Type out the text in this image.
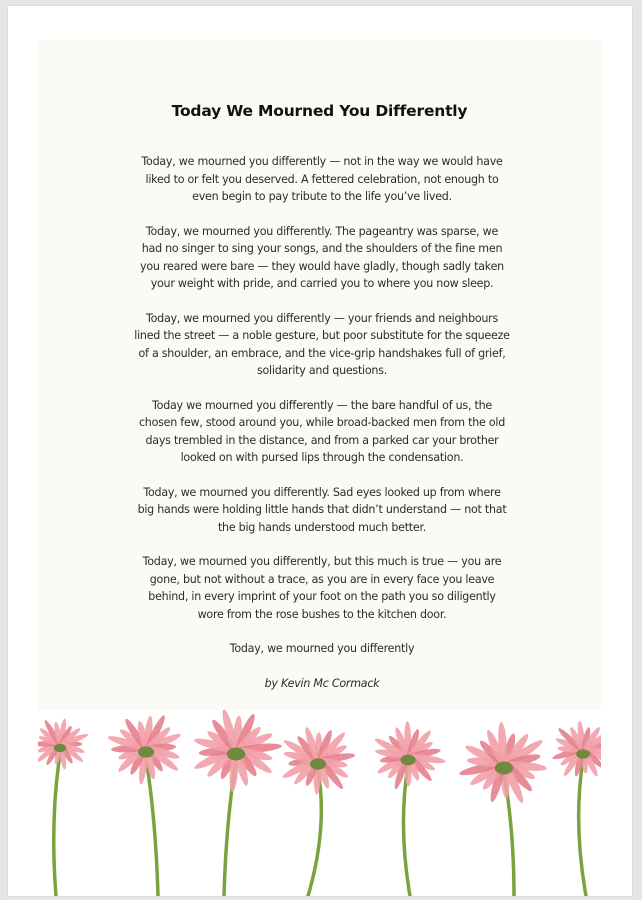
Today We Mourned You Differently
Today, we mourned you differently — not in the way we would have
liked to or felt you deserved. A fettered celebration, not enough to
even begin to pay tribute to the life you’ve lived.
Today, we mourned you differently. The pageantry was sparse, we
had no singer to sing your songs, and the shoulders of the fine men
you reared were bare — they would have gladly, though sadly taken
your weight with pride, and carried you to where you now sleep.
Today, we mourned you differently — your friends and neighbours
lined the street — a noble gesture, but poor substitute for the squeeze
of a shoulder, an embrace, and the vice-grip handshakes full of grief,
solidarity and questions.
Today we mourned you differently — the bare handful of us, the
chosen few, stood around you, while broad-backed men from the old
days trembled in the distance, and from a parked car your brother
looked on with pursed lips through the condensation.
Today, we mourned you differently. Sad eyes looked up from where
big hands were holding little hands that didn’t understand — not that
the big hands understood much better.
Today, we mourned you differently, but this much is true — you are
gone, but not without a trace, as you are in every face you leave
behind, in every imprint of your foot on the path you so diligently
wore from the rose bushes to the kitchen door.
Today, we mourned you differently
by Kevin Mc Cormack
